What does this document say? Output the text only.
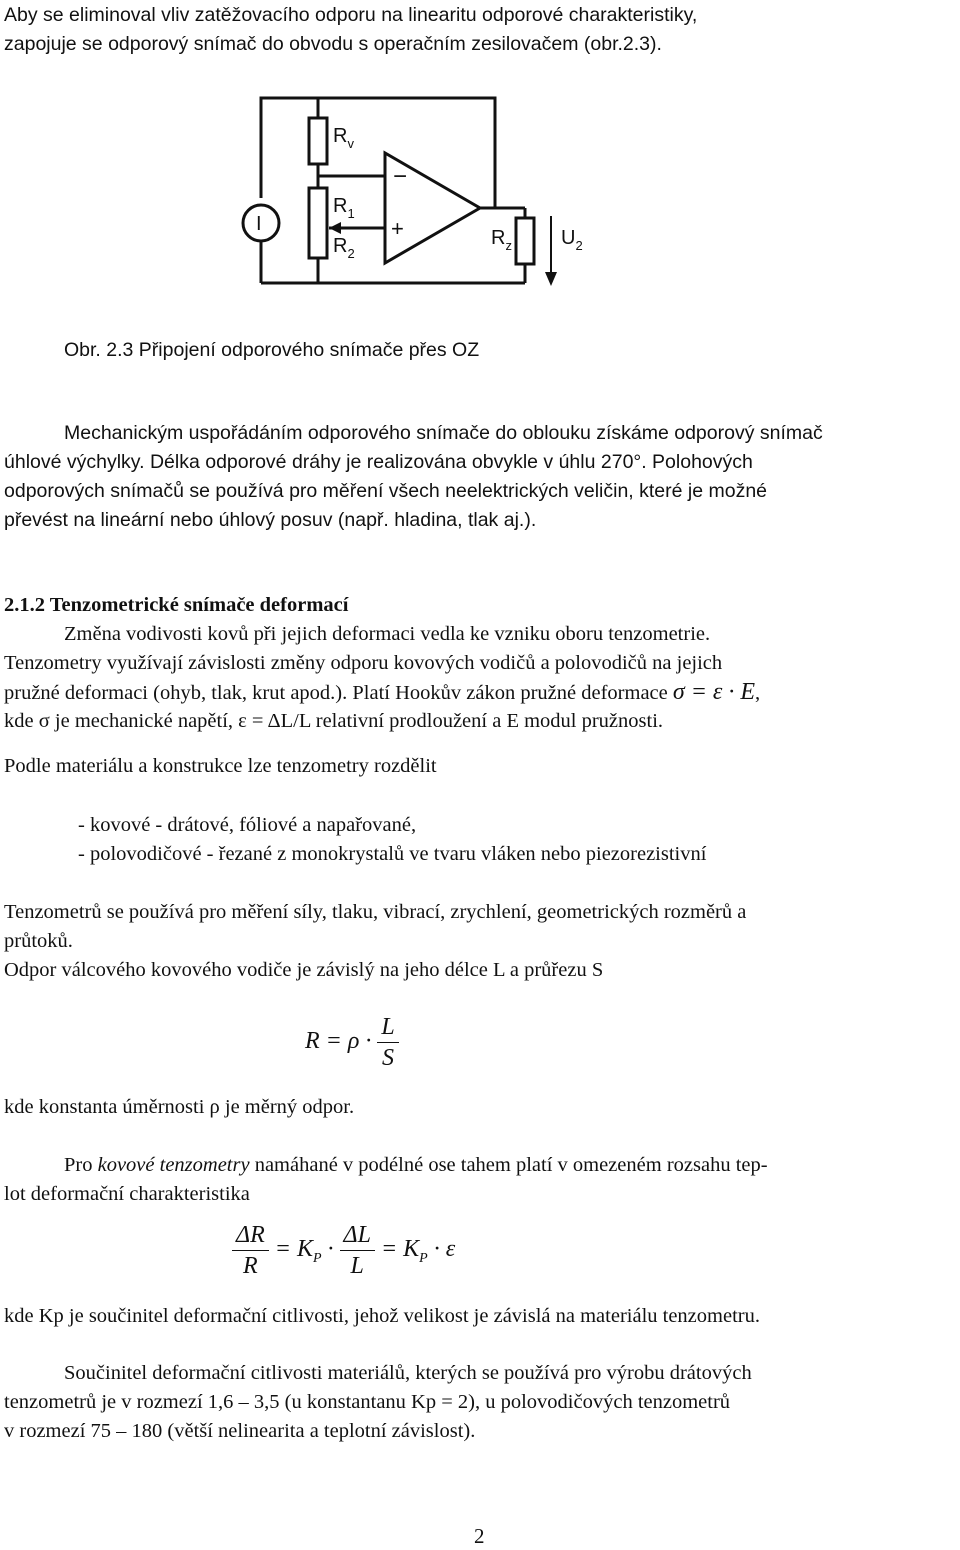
Aby se eliminoval vliv zatěžovacího odporu na linearitu odporové charakteristiky,
zapojuje se odporový snímač do obvodu s operačním zesilovačem (obr.2.3).
$R_v$
$R_1$
$R_2$
$R_z$ $U_2$
I
−
+
Obr. 2.3 Připojení odporového snímače přes OZ
Mechanickým uspořádáním odporového snímače do oblouku získáme odporový snímač
úhlové výchylky. Délka odporové dráhy je realizována obvykle v úhlu 270°. Polohových
odporových snímačů se používá pro měření všech neelektrických veličin, které je možné
převést na lineární nebo úhlový posuv (např. hladina, tlak aj.).
2.1.2 Tenzometrické snímače deformací
Změna vodivosti kovů při jejich deformaci vedla ke vzniku oboru tenzometrie.
Tenzometry využívají závislosti změny odporu kovových vodičů a polovodičů na jejich
pružné deformaci (ohyb, tlak, krut apod.). Platí Hookův zákon pružné deformace σ = ε · E,
kde σ je mechanické napětí, ε = ΔL/L relativní prodloužení a E modul pružnosti.
Podle materiálu a konstrukce lze tenzometry rozdělit
- kovové - drátové, fóliové a napařované,
- polovodičové - řezané z monokrystalů ve tvaru vláken nebo piezorezistivní
Tenzometrů se používá pro měření síly, tlaku, vibrací, zrychlení, geometrických rozměrů a
průtoků.
Odpor válcového kovového vodiče je závislý na jeho délce L a průřezu S
$R = \rho \cdot \frac{L}{S}$
kde konstanta úměrnosti ρ je měrný odpor.
Pro kovové tenzometry namáhané v podélné ose tahem platí v omezeném rozsahu tep-
lot deformační charakteristika
$\frac{\Delta R}{R} = K_P \cdot \frac{\Delta L}{L} = K_P \cdot \varepsilon$
kde Kp je součinitel deformační citlivosti, jehož velikost je závislá na materiálu tenzometru.
Součinitel deformační citlivosti materiálů, kterých se používá pro výrobu drátových
tenzometrů je v rozmezí 1,6 – 3,5 (u konstantanu Kp = 2), u polovodičových tenzometrů
v rozmezí 75 – 180 (větší nelinearita a teplotní závislost).
2
